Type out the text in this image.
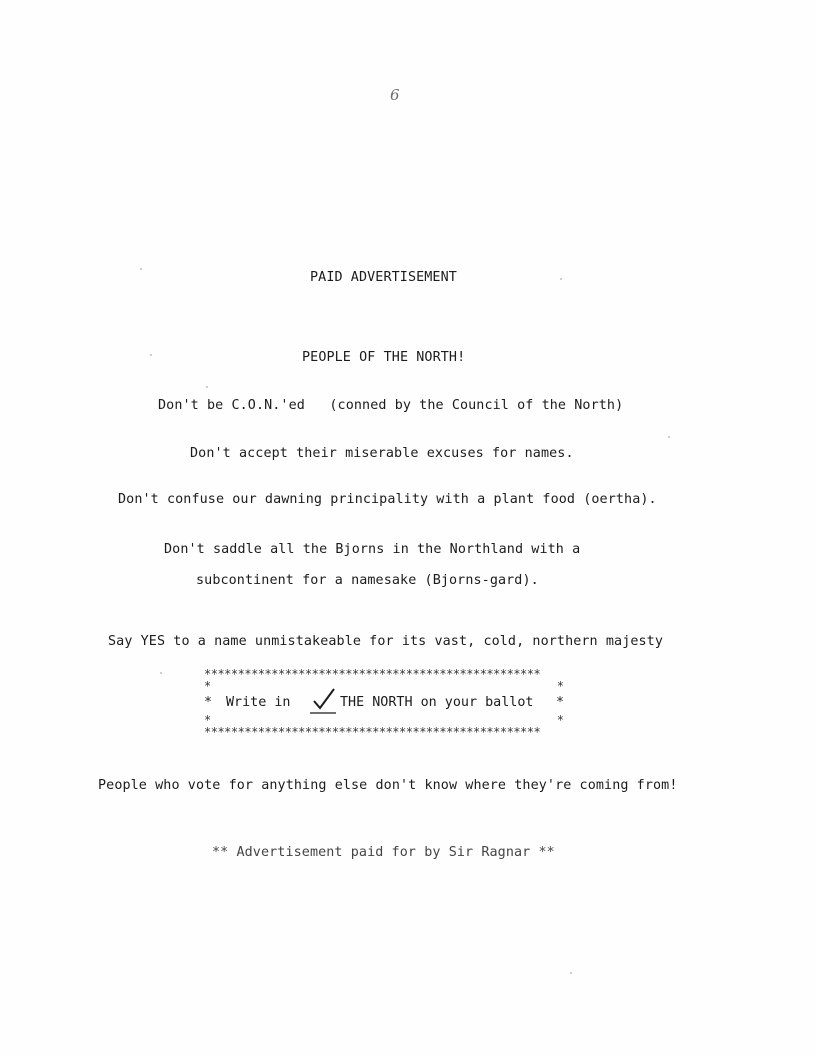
6
PAID ADVERTISEMENT
PEOPLE OF THE NORTH!
Don't be C.O.N.'ed   (conned by the Council of the North)
Don't accept their miserable excuses for names.
Don't confuse our dawning principality with a plant food (oertha).
Don't saddle all the Bjorns in the Northland with a
subcontinent for a namesake (Bjorns-gard).
Say YES to a name unmistakeable for its vast, cold, northern majesty
**************************************************
*	*
* Write in	THE NORTH on your ballot *
*	*
**************************************************
People who vote for anything else don't know where they're coming from!
** Advertisement paid for by Sir Ragnar **
